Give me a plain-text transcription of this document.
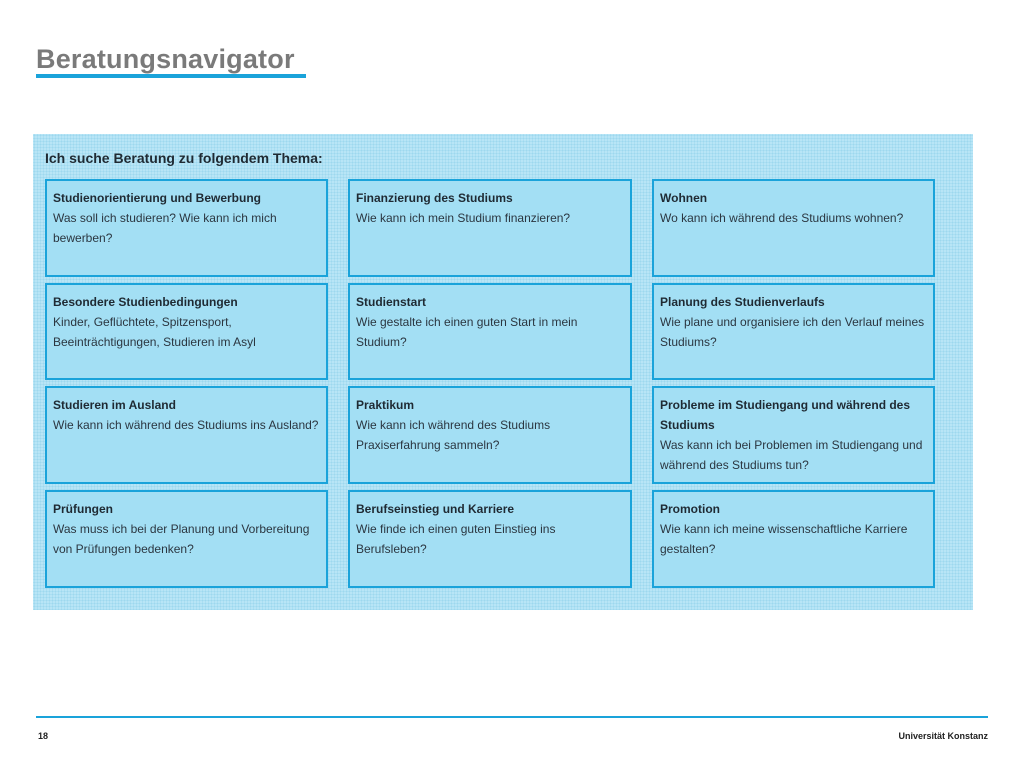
Beratungsnavigator
Ich suche Beratung zu folgendem Thema:
Studienorientierung und Bewerbung
Was soll ich studieren? Wie kann ich mich bewerben?
Finanzierung des Studiums
Wie kann ich mein Studium finanzieren?
Wohnen
Wo kann ich während des Studiums wohnen?
Besondere Studienbedingungen
Kinder, Geflüchtete, Spitzensport, Beeinträchtigungen, Studieren im Asyl
Studienstart
Wie gestalte ich einen guten Start in mein Studium?
Planung des Studienverlaufs
Wie plane und organisiere ich den Verlauf meines Studiums?
Studieren im Ausland
Wie kann ich während des Studiums ins Ausland?
Praktikum
Wie kann ich während des Studiums Praxiserfahrung sammeln?
Probleme im Studiengang und während des Studiums
Was kann ich bei Problemen im Studiengang und während des Studiums tun?
Prüfungen
Was muss ich bei der Planung und Vorbereitung von Prüfungen bedenken?
Berufseinstieg und Karriere
Wie finde ich einen guten Einstieg ins Berufsleben?
Promotion
Wie kann ich meine wissenschaftliche Karriere gestalten?
18	Universität Konstanz
